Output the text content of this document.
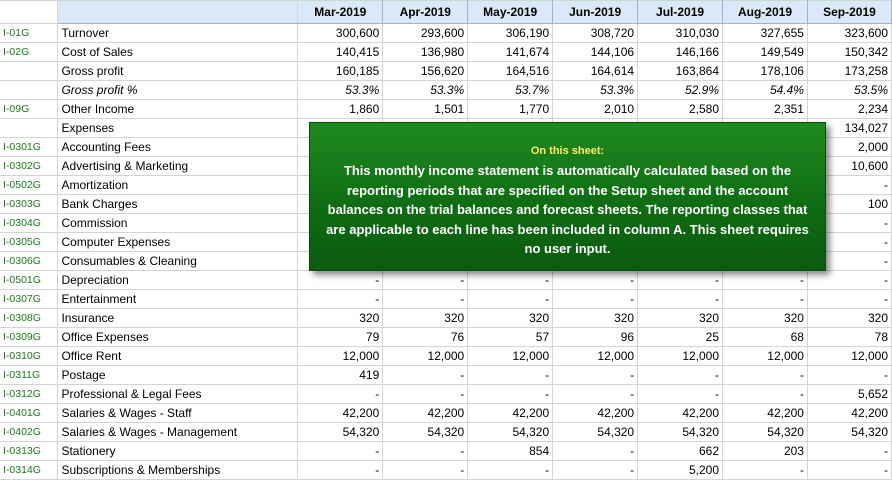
		Mar-2019	Apr-2019	May-2019	Jun-2019	Jul-2019	Aug-2019	Sep-2019
I-01G	Turnover	300,600	293,600	306,190	308,720	310,030	327,655	323,600
I-02G	Cost of Sales	140,415	136,980	141,674	144,106	146,166	149,549	150,342
	Gross profit	160,185	156,620	164,516	164,614	163,864	178,106	173,258
	Gross profit %	53.3%	53.3%	53.7%	53.3%	52.9%	54.4%	53.5%
I-09G	Other Income	1,860	1,501	1,770	2,010	2,580	2,351	2,234
	Expenses							134,027
I-0301G	Accounting Fees							2,000
I-0302G	Advertising & Marketing							10,600
I-0502G	Amortization							-
I-0303G	Bank Charges							100
I-0304G	Commission							-
I-0305G	Computer Expenses							-
I-0306G	Consumables & Cleaning							-
I-0501G	Depreciation	-	-	-	-	-	-	-
I-0307G	Entertainment	-	-	-	-	-	-	-
I-0308G	Insurance	320	320	320	320	320	320	320
I-0309G	Office Expenses	79	76	57	96	25	68	78
I-0310G	Office Rent	12,000	12,000	12,000	12,000	12,000	12,000	12,000
I-0311G	Postage	419	-	-	-	-	-	-
I-0312G	Professional & Legal Fees	-	-	-	-	-	-	5,652
I-0401G	Salaries & Wages - Staff	42,200	42,200	42,200	42,200	42,200	42,200	42,200
I-0402G	Salaries & Wages - Management	54,320	54,320	54,320	54,320	54,320	54,320	54,320
I-0313G	Stationery	-	-	854	-	662	203	-
I-0314G	Subscriptions & Memberships	-	-	-	-	5,200	-	-
On this sheet:
This monthly income statement is automatically calculated based on the reporting periods that are specified on the Setup sheet and the account balances on the trial balances and forecast sheets. The reporting classes that are applicable to each line has been included in column A. This sheet requires no user input.
